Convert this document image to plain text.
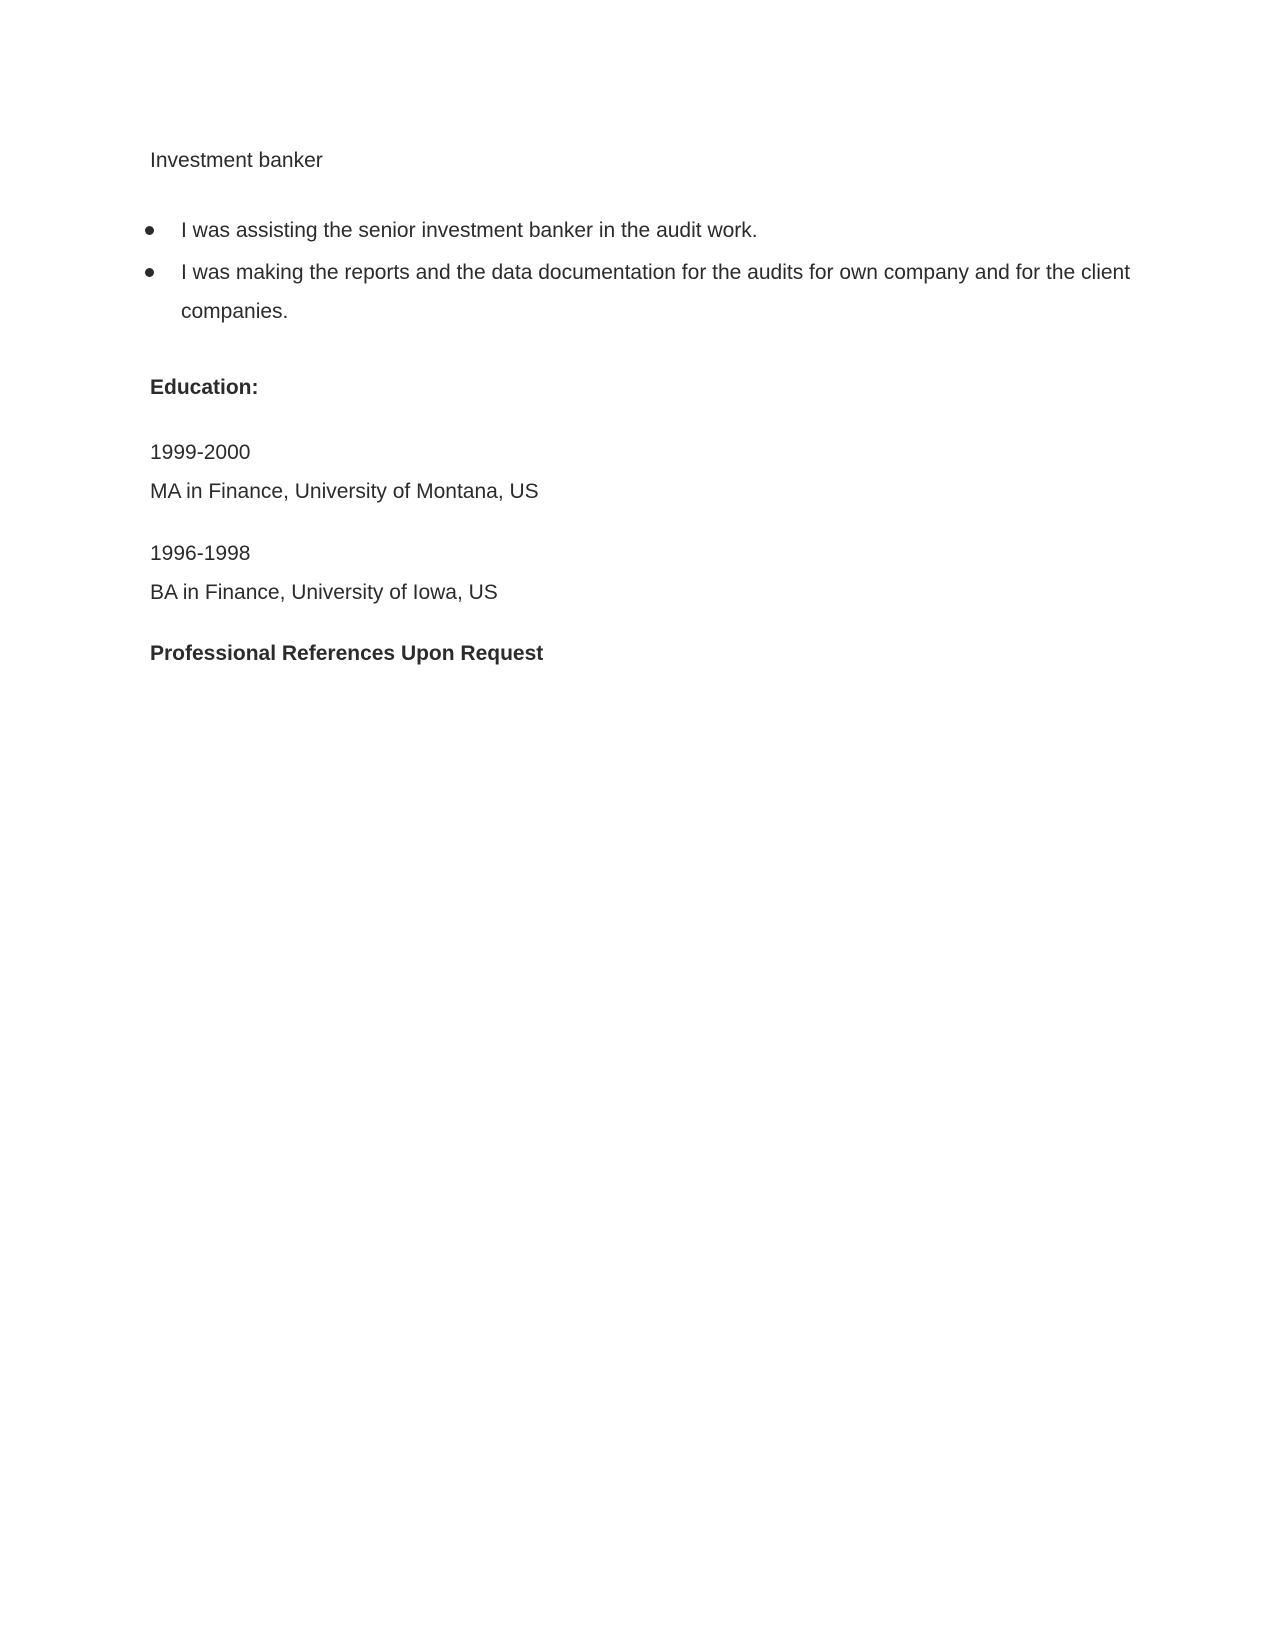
Investment banker
I was assisting the senior investment banker in the audit work.
I was making the reports and the data documentation for the audits for own company and for the client companies.
Education:
1999-2000
MA in Finance, University of Montana, US
1996-1998
BA in Finance, University of Iowa, US
Professional References Upon Request
